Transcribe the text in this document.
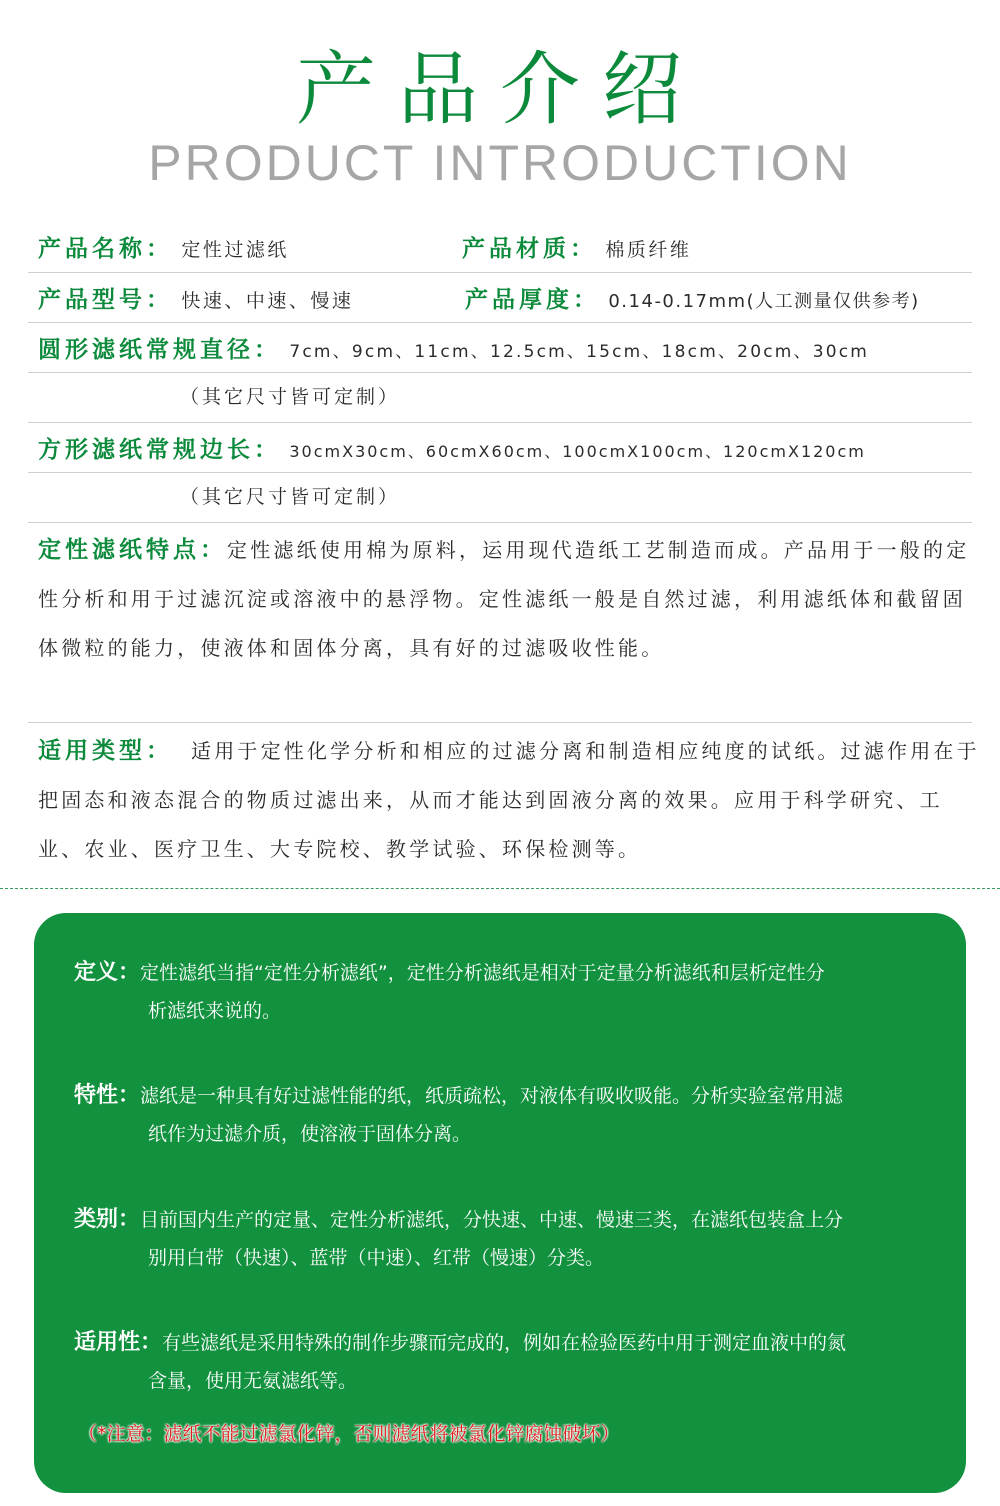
产品介绍
PRODUCT INTRODUCTION
产品名称： 定性过滤纸	产品材质： 棉质纤维
产品型号： 快速、中速、慢速	产品厚度： 0.14-0.17mm(人工测量仅供参考)
圆形滤纸常规直径： 7cm、9cm、11cm、12.5cm、15cm、18cm、20cm、30cm
（其它尺寸皆可定制）
方形滤纸常规边长： 30cmX30cm、60cmX60cm、100cmX100cm、120cmX120cm
（其它尺寸皆可定制）
定性滤纸特点：定性滤纸使用棉为原料，运用现代造纸工艺制造而成。产品用于一般的定性分析和用于过滤沉淀或溶液中的悬浮物。定性滤纸一般是自然过滤，利用滤纸体和截留固体微粒的能力，使液体和固体分离，具有好的过滤吸收性能。
适用类型： 适用于定性化学分析和相应的过滤分离和制造相应纯度的试纸。过滤作用在于把固态和液态混合的物质过滤出来，从而才能达到固液分离的效果。应用于科学研究、工业、农业、医疗卫生、大专院校、教学试验、环保检测等。
定义：定性滤纸当指“定性分析滤纸”，定性分析滤纸是相对于定量分析滤纸和层析定性分
析滤纸来说的。
特性：滤纸是一种具有好过滤性能的纸，纸质疏松，对液体有吸收吸能。分析实验室常用滤
纸作为过滤介质，使溶液于固体分离。
类别：目前国内生产的定量、定性分析滤纸，分快速、中速、慢速三类，在滤纸包装盒上分
别用白带（快速）、蓝带（中速）、红带（慢速）分类。
适用性：有些滤纸是采用特殊的制作步骤而完成的，例如在检验医药中用于测定血液中的氮
含量，使用无氨滤纸等。
（*注意：滤纸不能过滤氯化锌，否则滤纸将被氯化锌腐蚀破坏）
